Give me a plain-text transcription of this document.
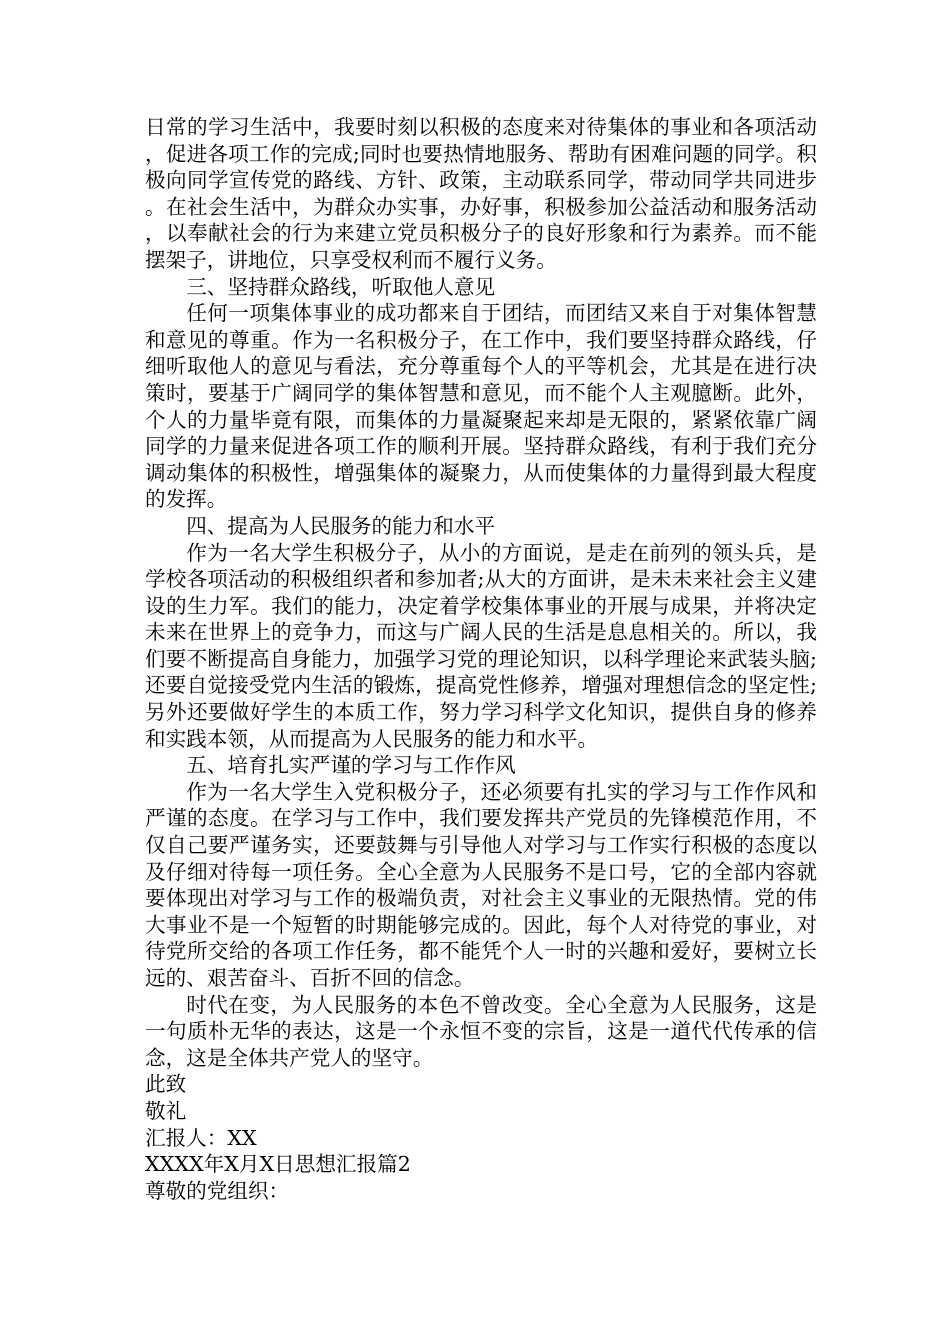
日常的学习生活中，我要时刻以积极的态度来对待集体的事业和各项活动，促进各项工作的完成;同时也要热情地服务、帮助有困难问题的同学。积极向同学宣传党的路线、方针、政策，主动联系同学，带动同学共同进步。在社会生活中，为群众办实事，办好事，积极参加公益活动和服务活动，以奉献社会的行为来建立党员积极分子的良好形象和行为素养。而不能摆架子，讲地位，只享受权利而不履行义务。

三、坚持群众路线，听取他人意见

任何一项集体事业的成功都来自于团结，而团结又来自于对集体智慧和意见的尊重。作为一名积极分子，在工作中，我们要坚持群众路线，仔细听取他人的意见与看法，充分尊重每个人的平等机会，尤其是在进行决策时，要基于广阔同学的集体智慧和意见，而不能个人主观臆断。此外，个人的力量毕竟有限，而集体的力量凝聚起来却是无限的，紧紧依靠广阔同学的力量来促进各项工作的顺利开展。坚持群众路线，有利于我们充分调动集体的积极性，增强集体的凝聚力，从而使集体的力量得到最大程度的发挥。

四、提高为人民服务的能力和水平

作为一名大学生积极分子，从小的方面说，是走在前列的领头兵，是学校各项活动的积极组织者和参加者;从大的方面讲，是未未来社会主义建设的生力军。我们的能力，决定着学校集体事业的开展与成果，并将决定未来在世界上的竞争力，而这与广阔人民的生活是息息相关的。所以，我们要不断提高自身能力，加强学习党的理论知识，以科学理论来武装头脑;还要自觉接受党内生活的锻炼，提高党性修养，增强对理想信念的坚定性;另外还要做好学生的本质工作，努力学习科学文化知识，提供自身的修养和实践本领，从而提高为人民服务的能力和水平。

五、培育扎实严谨的学习与工作作风

作为一名大学生入党积极分子，还必须要有扎实的学习与工作作风和严谨的态度。在学习与工作中，我们要发挥共产党员的先锋模范作用，不仅自己要严谨务实，还要鼓舞与引导他人对学习与工作实行积极的态度以及仔细对待每一项任务。全心全意为人民服务不是口号，它的全部内容就要体现出对学习与工作的极端负责，对社会主义事业的无限热情。党的伟大事业不是一个短暂的时期能够完成的。因此，每个人对待党的事业，对待党所交给的各项工作任务，都不能凭个人一时的兴趣和爱好，要树立长远的、艰苦奋斗、百折不回的信念。

时代在变，为人民服务的本色不曾改变。全心全意为人民服务，这是一句质朴无华的表达，这是一个永恒不变的宗旨，这是一道代代传承的信念，这是全体共产党人的坚守。

此致

敬礼

汇报人：XX

XXXX年X月X日思想汇报篇2

尊敬的党组织：
